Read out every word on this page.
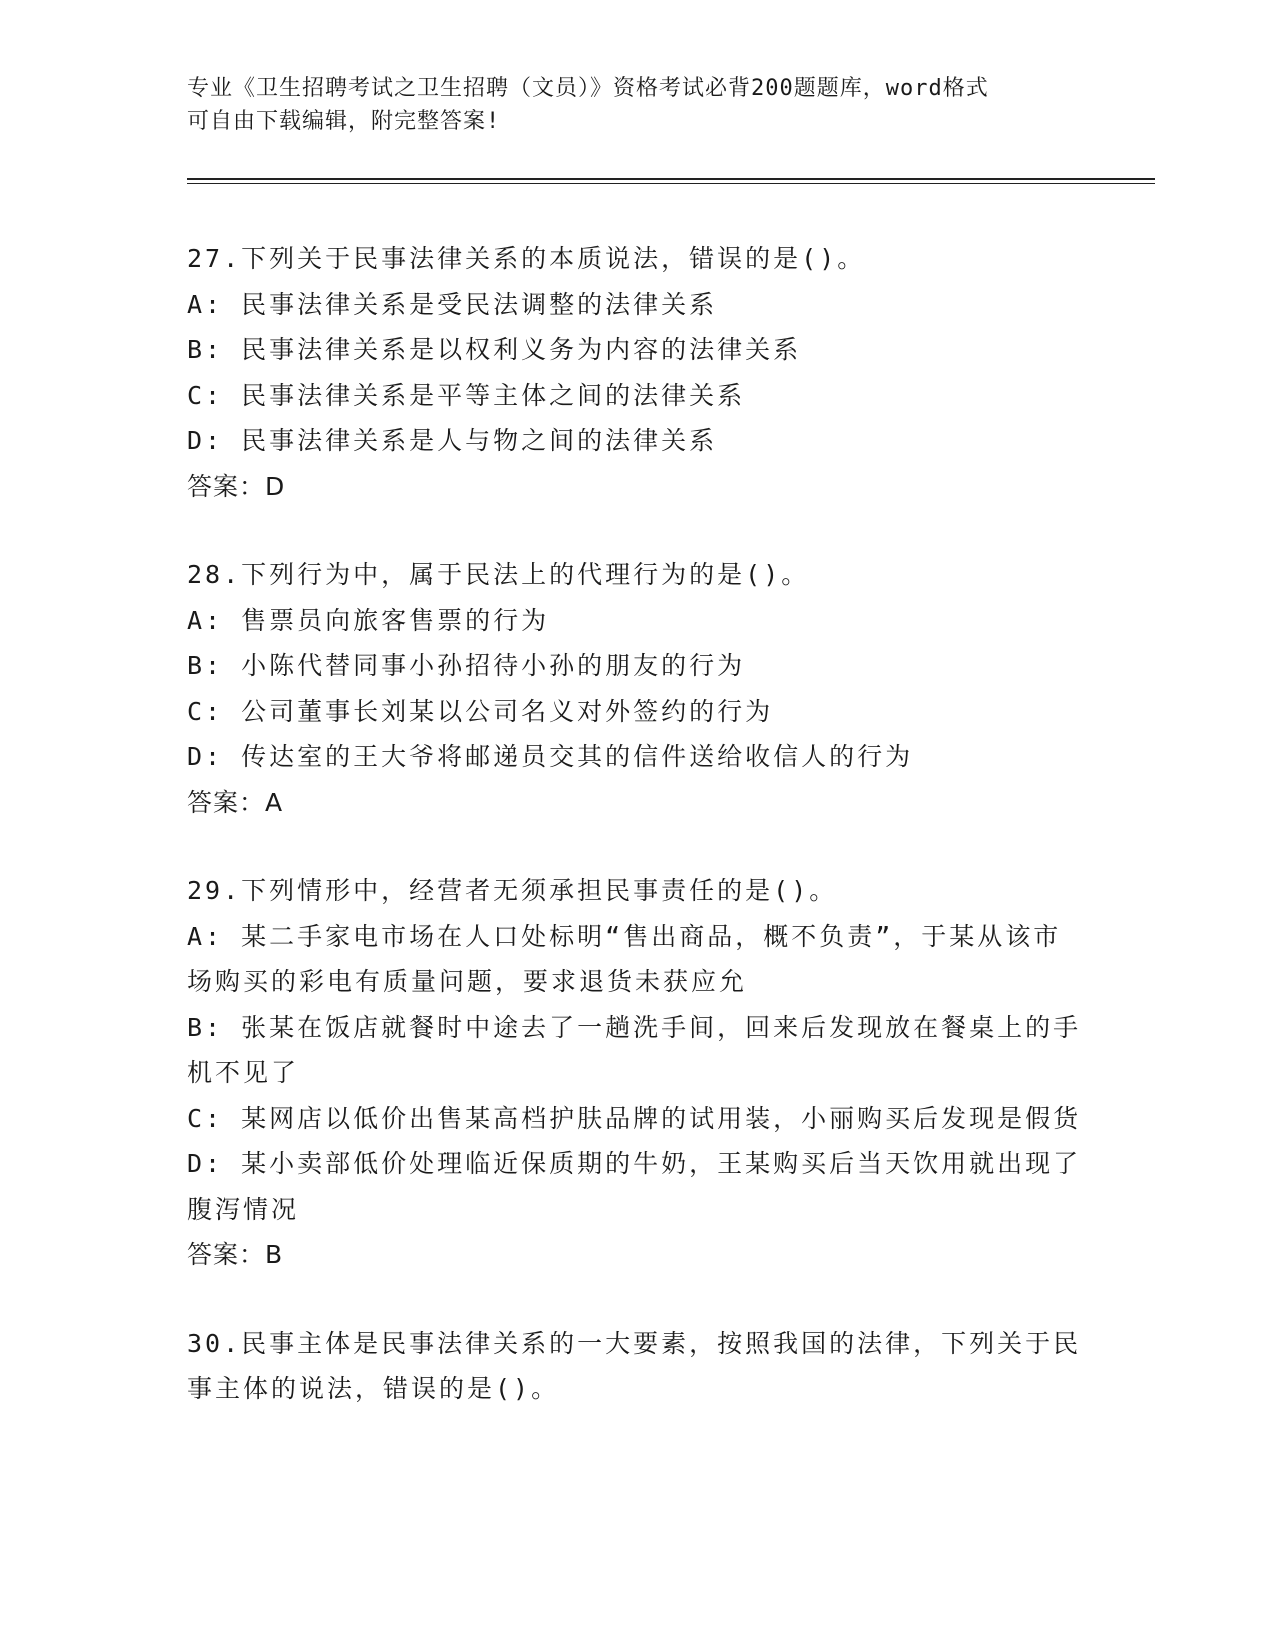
专业《卫生招聘考试之卫生招聘（文员）》资格考试必背200题题库，word格式
可自由下载编辑，附完整答案!
27.下列关于民事法律关系的本质说法，错误的是()。
A: 民事法律关系是受民法调整的法律关系
B: 民事法律关系是以权利义务为内容的法律关系
C: 民事法律关系是平等主体之间的法律关系
D: 民事法律关系是人与物之间的法律关系
答案：D
28.下列行为中，属于民法上的代理行为的是()。
A: 售票员向旅客售票的行为
B: 小陈代替同事小孙招待小孙的朋友的行为
C: 公司董事长刘某以公司名义对外签约的行为
D: 传达室的王大爷将邮递员交其的信件送给收信人的行为
答案：A
29.下列情形中，经营者无须承担民事责任的是()。
A: 某二手家电市场在人口处标明“售出商品，概不负责”，于某从该市场购买的彩电有质量问题，要求退货未获应允
B: 张某在饭店就餐时中途去了一趟洗手间，回来后发现放在餐桌上的手机不见了
C: 某网店以低价出售某高档护肤品牌的试用装，小丽购买后发现是假货
D: 某小卖部低价处理临近保质期的牛奶，王某购买后当天饮用就出现了腹泻情况
答案：B
30.民事主体是民事法律关系的一大要素，按照我国的法律，下列关于民事主体的说法，错误的是()。
